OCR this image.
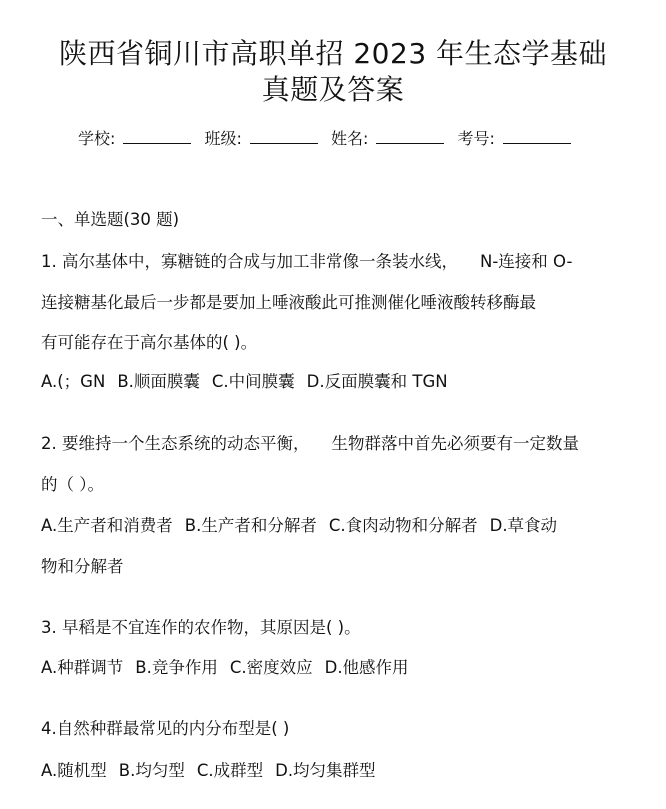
陕西省铜川市高职单招 2023 年生态学基础
真题及答案
学校:	班级:	姓名:	考号:
一、单选题(30 题)
1. 高尔基体中，寡糖链的合成与加工非常像一条装水线， N-连接和 O-
连接糖基化最后一步都是要加上唾液酸此可推测催化唾液酸转移酶最
有可能存在于高尔基体的( )。
A.(；GN B.顺面膜囊 C.中间膜囊 D.反面膜囊和 TGN
2. 要维持一个生态系统的动态平衡， 生物群落中首先必须要有一定数量
的（ ）。
A.生产者和消费者 B.生产者和分解者 C.食肉动物和分解者 D.草食动
物和分解者
3. 早稻是不宜连作的农作物，其原因是( )。
A.种群调节 B.竞争作用 C.密度效应 D.他感作用
4.自然种群最常见的内分布型是( )
A.随机型 B.均匀型 C.成群型 D.均匀集群型
